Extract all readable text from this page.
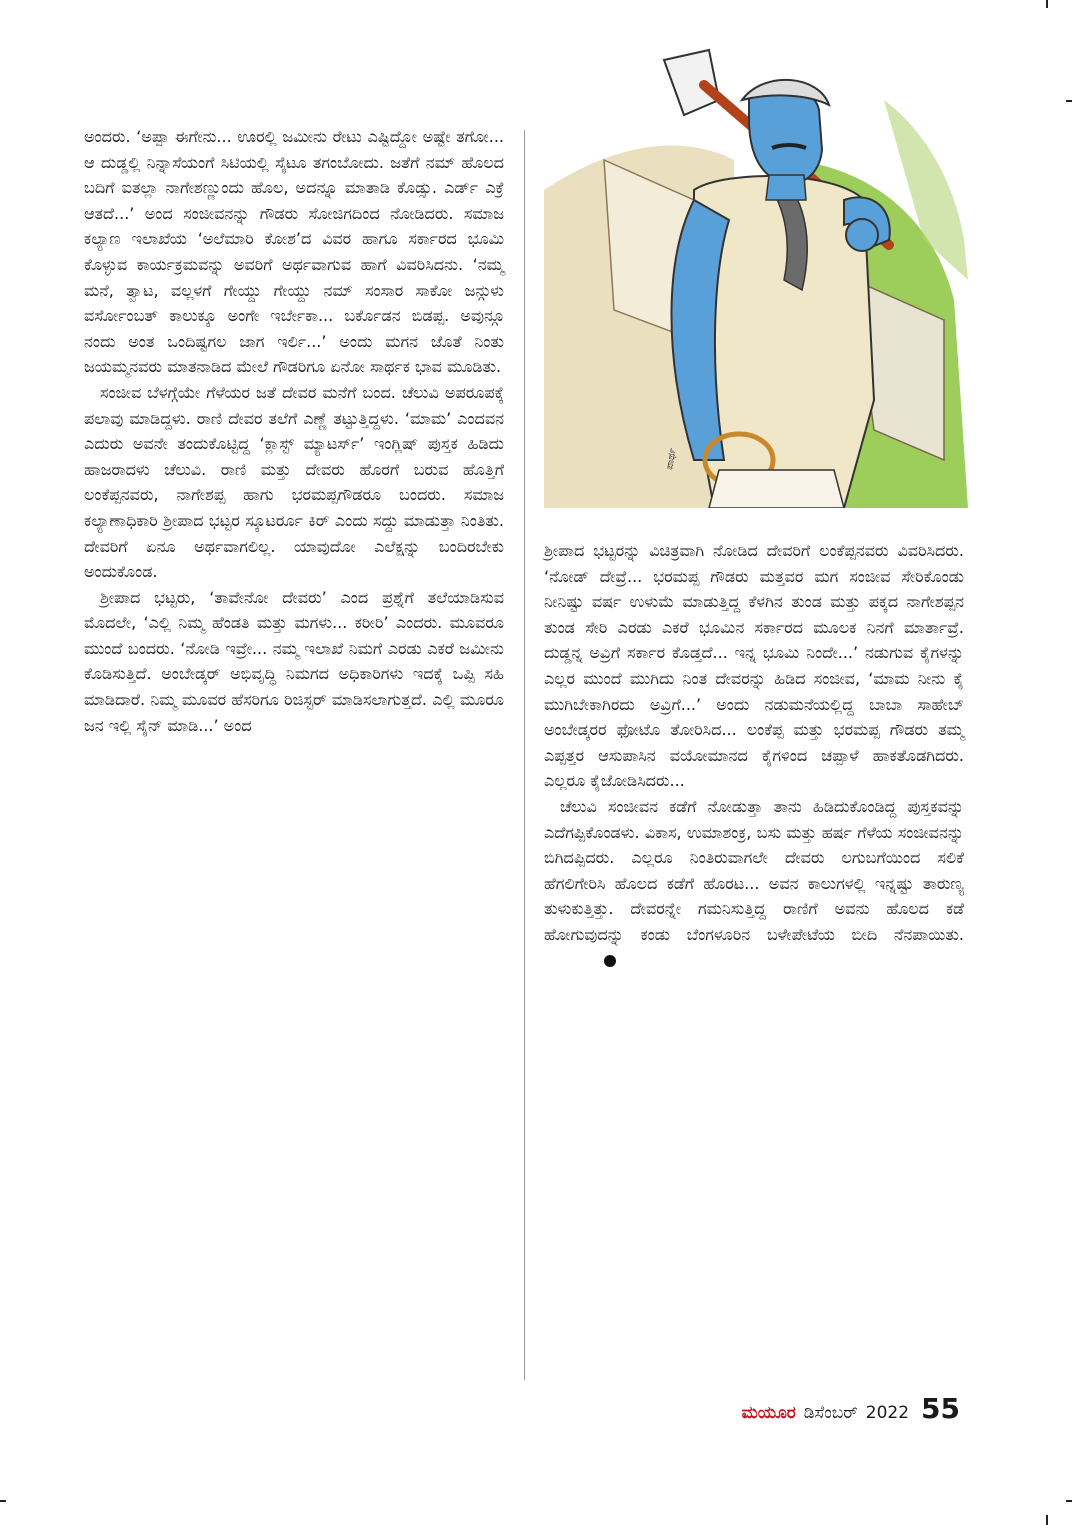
ಪಾರ್ಥ

ಅಂದರು. ‘ಅಪ್ಪಾ ಈಗೇನು... ಊರಲ್ಲಿ ಜಮೀನು ರೇಟು ಎಷ್ಟಿದ್ದೋ ಅಷ್ಟೇ ತಗೋ... ಆ ದುಡ್ಡಲ್ಲಿ ನಿನ್ನಾಸೆಯಂಗೆ ಸಿಟಿಯಲ್ಲಿ ಸೈಟೂ ತಗಂಬೋದು. ಜತೆಗೆ ನಮ್ ಹೊಲದ ಬದಿಗೆ ಐತಲ್ಲಾ ನಾಗೇಶಣ್ಣುಂದು ಹೊಲ, ಅದನ್ನೂ ಮಾತಾಡಿ ಕೊಡ್ಸು. ಎರ್ಡ್ ಎಕ್ರೆ ಆತದೆ...’ ಅಂದ ಸಂಜೀವನನ್ನು ಗೌಡರು ಸೋಜಿಗದಿಂದ ನೋಡಿದರು. ಸಮಾಜ ಕಲ್ಯಾಣ ಇಲಾಖೆಯ ‘ಅಲೆಮಾರಿ ಕೋಶ’ದ ವಿವರ ಹಾಗೂ ಸರ್ಕಾರದ ಭೂಮಿ ಕೊಳ್ಳುವ ಕಾರ್ಯಕ್ರಮವನ್ನು ಅವರಿಗೆ ಅರ್ಥವಾಗುವ ಹಾಗೆ ವಿವರಿಸಿದನು. ‘ನಮ್ಮ ಮನೆ, ತ್ವಾಟ, ವಲ್ಲಳಗೆ ಗೇಯ್ದು ಗೇಯ್ದು ನಮ್ ಸಂಸಾರ ಸಾಕೋ ಜನ್ಗುಳು ವರ್ಸೋಂಬತ್ ಕಾಲುಕ್ಕೂ ಅಂಗೇ ಇರ್ಬೇಕಾ... ಬರ್ಕೊಡನ ಬಿಡಪ್ಪ. ಅವುನ್ಗೂ ನಂದು ಅಂತ ಒಂದಿಷ್ಟಗಲ ಜಾಗ ಇರ್ಲಿ...’ ಅಂದು ಮಗನ ಜೊತೆ ನಿಂತು ಜಯಮ್ಮನವರು ಮಾತನಾಡಿದ ಮೇಲೆ ಗೌಡರಿಗೂ ಏನೋ ಸಾರ್ಥಕ ಭಾವ ಮೂಡಿತು.

ಸಂಜೀವ ಬೆಳಗ್ಗೆಯೇ ಗೆಳೆಯರ ಜತೆ ದೇವರ ಮನೆಗೆ ಬಂದ. ಚೆಲುವಿ ಅಪರೂಪಕ್ಕೆ ಪಲಾವು ಮಾಡಿದ್ದಳು. ರಾಣಿ ದೇವರ ತಲೆಗೆ ಎಣ್ಣೆ ತಟ್ಟುತ್ತಿದ್ದಳು. ‘ಮಾಮ’ ಎಂದವನ ಎದುರು ಅವನೇ ತಂದುಕೊಟ್ಟಿದ್ದ ‘ಕ್ಲಾಸ್ಟ್ ಮ್ಯಾಟರ್ಸ್’ ಇಂಗ್ಲಿಷ್ ಪುಸ್ತಕ ಹಿಡಿದು ಹಾಜರಾದಳು ಚೆಲುವಿ. ರಾಣಿ ಮತ್ತು ದೇವರು ಹೊರಗೆ ಬರುವ ಹೊತ್ತಿಗೆ ಲಂಕೆಪ್ಪನವರು, ನಾಗೇಶಪ್ಪ ಹಾಗು ಭರಮಪ್ಪಗೌಡರೂ ಬಂದರು. ಸಮಾಜ ಕಲ್ಯಾಣಾಧಿಕಾರಿ ಶ್ರೀಪಾದ ಭಟ್ಟರ ಸ್ಕೂಟರ್ರೂ ಕಿರ್ ಎಂದು ಸದ್ದು ಮಾಡುತ್ತಾ ನಿಂತಿತು. ದೇವರಿಗೆ ಏನೂ ಅರ್ಥವಾಗಲಿಲ್ಲ. ಯಾವುದೋ ಎಲೆಕ್ಷನ್ನು ಬಂದಿರಬೇಕು ಅಂದುಕೊಂಡ.

ಶ್ರೀಪಾದ ಭಟ್ಟರು, ‘ತಾವೇನೋ ದೇವರು’ ಎಂದ ಪ್ರಶ್ನೆಗೆ ತಲೆಯಾಡಿಸುವ ಮೊದಲೇ, ‘ಎಲ್ಲಿ ನಿಮ್ಮ ಹೆಂಡತಿ ಮತ್ತು ಮಗಳು... ಕರೀರಿ’ ಎಂದರು. ಮೂವರೂ ಮುಂದೆ ಬಂದರು. ‘ನೋಡಿ ಇವ್ರೇ... ನಮ್ಮ ಇಲಾಖೆ ನಿಮಗೆ ಎರಡು ಎಕರೆ ಜಮೀನು ಕೊಡಿಸುತ್ತಿದೆ. ಅಂಬೇಡ್ಕರ್ ಅಭಿವೃದ್ಧಿ ನಿಮಗದ ಅಧಿಕಾರಿಗಳು ಇದಕ್ಕೆ ಒಪ್ಪಿ ಸಹಿ ಮಾಡಿದಾರೆ. ನಿಮ್ಮ ಮೂವರ ಹೆಸರಿಗೂ ರಿಜಿಸ್ಟರ್ ಮಾಡಿಸಲಾಗುತ್ತದೆ. ಎಲ್ಲಿ ಮೂರೂ ಜನ ಇಲ್ಲಿ ಸೈನ್ ಮಾಡಿ...’ ಅಂದ

ಶ್ರೀಪಾದ ಭಟ್ಟರನ್ನು ವಿಚಿತ್ರವಾಗಿ ನೋಡಿದ ದೇವರಿಗೆ ಲಂಕೆಪ್ಪನವರು ವಿವರಿಸಿದರು. ‘ನೋಡ್ ದೇವ್ರೆ... ಭರಮಪ್ಪ ಗೌಡರು ಮತ್ತವರ ಮಗ ಸಂಜೀವ ಸೇರಿಕೊಂಡು ನೀನಿಷ್ಟು ವರ್ಷ ಉಳುಮೆ ಮಾಡುತ್ತಿದ್ದ ಕೆಳಗಿನ ತುಂಡ ಮತ್ತು ಪಕ್ಕದ ನಾಗೇಶಪ್ಪನ ತುಂಡ ಸೇರಿ ಎರಡು ಎಕರೆ ಭೂಮಿನ ಸರ್ಕಾರದ ಮೂಲಕ ನಿನಗೆ ಮಾರ್ತಾವ್ರೆ. ದುಡ್ಡನ್ನ ಅವ್ರಿಗೆ ಸರ್ಕಾರ ಕೊಡ್ತದೆ... ಇನ್ನ ಭೂಮಿ ನಿಂದೇ...’ ನಡುಗುವ ಕೈಗಳನ್ನು ಎಲ್ಲರ ಮುಂದೆ ಮುಗಿದು ನಿಂತ ದೇವರನ್ನು ಹಿಡಿದ ಸಂಜೀವ, ‘ಮಾಮ ನೀನು ಕೈ ಮುಗಿಬೇಕಾಗಿರದು ಅವ್ರಿಗೆ...’ ಅಂದು ನಡುಮನೆಯಲ್ಲಿದ್ದ ಬಾಬಾ ಸಾಹೇಬ್ ಅಂಬೇಡ್ಕರರ ಫೋಟೊ ತೋರಿಸಿದ... ಲಂಕೆಪ್ಪ ಮತ್ತು ಭರಮಪ್ಪ ಗೌಡರು ತಮ್ಮ ಎಪ್ಪತ್ತರ ಆಸುಪಾಸಿನ ವಯೋಮಾನದ ಕೈಗಳಿಂದ ಚಪ್ಪಾಳೆ ಹಾಕತೊಡಗಿದರು. ಎಲ್ಲರೂ ಕೈಜೋಡಿಸಿದರು...

ಚೆಲುವಿ ಸಂಜೀವನ ಕಡೆಗೆ ನೋಡುತ್ತಾ ತಾನು ಹಿಡಿದುಕೊಂಡಿದ್ದ ಪುಸ್ತಕವನ್ನು ಎದೆಗಪ್ಪಿಕೊಂಡಳು. ವಿಕಾಸ, ಉಮಾಶಂಕ್ರ, ಬಸು ಮತ್ತು ಹರ್ಷ ಗೆಳೆಯ ಸಂಜೀವನನ್ನು ಬಿಗಿದಪ್ಪಿದರು. ಎಲ್ಲರೂ ನಿಂತಿರುವಾಗಲೇ ದೇವರು ಲಗುಬಗೆಯಿಂದ ಸಲಿಕೆ ಹೆಗಲಿಗೇರಿಸಿ ಹೊಲದ ಕಡೆಗೆ ಹೊರಟ... ಅವನ ಕಾಲುಗಳಲ್ಲಿ ಇನ್ನಷ್ಟು ತಾರುಣ್ಯ ತುಳುಕುತ್ತಿತ್ತು. ದೇವರನ್ನೇ ಗಮನಿಸುತ್ತಿದ್ದ ರಾಣಿಗೆ ಅವನು ಹೊಲದ ಕಡೆ ಹೋಗುವುದನ್ನು ಕಂಡು ಬೆಂಗಳೂರಿನ ಬಳೇಪೇಟೆಯ ಬೀದಿ ನೆನಪಾಯಿತು.

ಮಯೂರ ಡಿಸೆಂಬರ್ 2022 55
